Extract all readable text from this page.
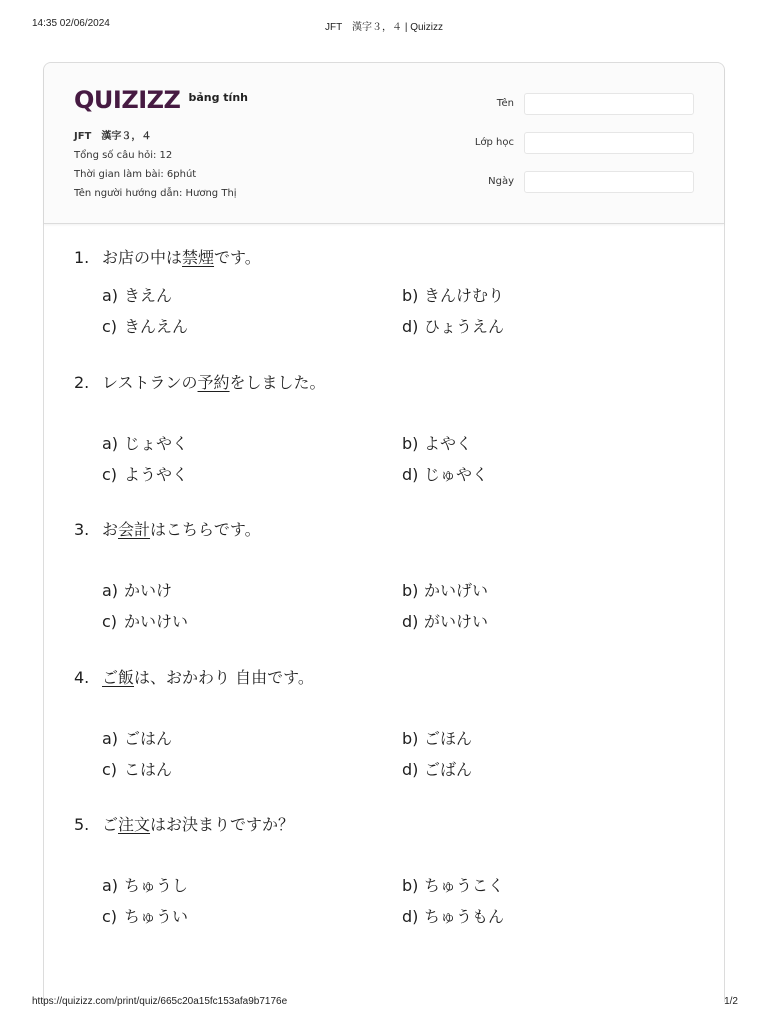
14:35 02/06/2024	JFT　漢字３，４ | Quizizz
QUIZIZZ bảng tính
JFT　漢字３，４
Tổng số câu hỏi: 12
Thời gian làm bài: 6phút
Tên người hướng dẫn: Hương Thị
Tên
Lớp học
Ngày
1. お店の中は禁煙です。
a) きえん	b) きんけむり
c) きんえん	d) ひょうえん
2. レストランの予約をしました。
a) じょやく	b) よやく
c) ようやく	d) じゅやく
3. お会計はこちらです。
a) かいけ	b) かいげい
c) かいけい	d) がいけい
4. ご飯は、おかわり 自由です。
a) ごはん	b) ごほん
c) こはん	d) ごばん
5. ご注文はお決まりですか？
a) ちゅうし	b) ちゅうこく
c) ちゅうい	d) ちゅうもん
https://quizizz.com/print/quiz/665c20a15fc153afa9b7176e	1/2
